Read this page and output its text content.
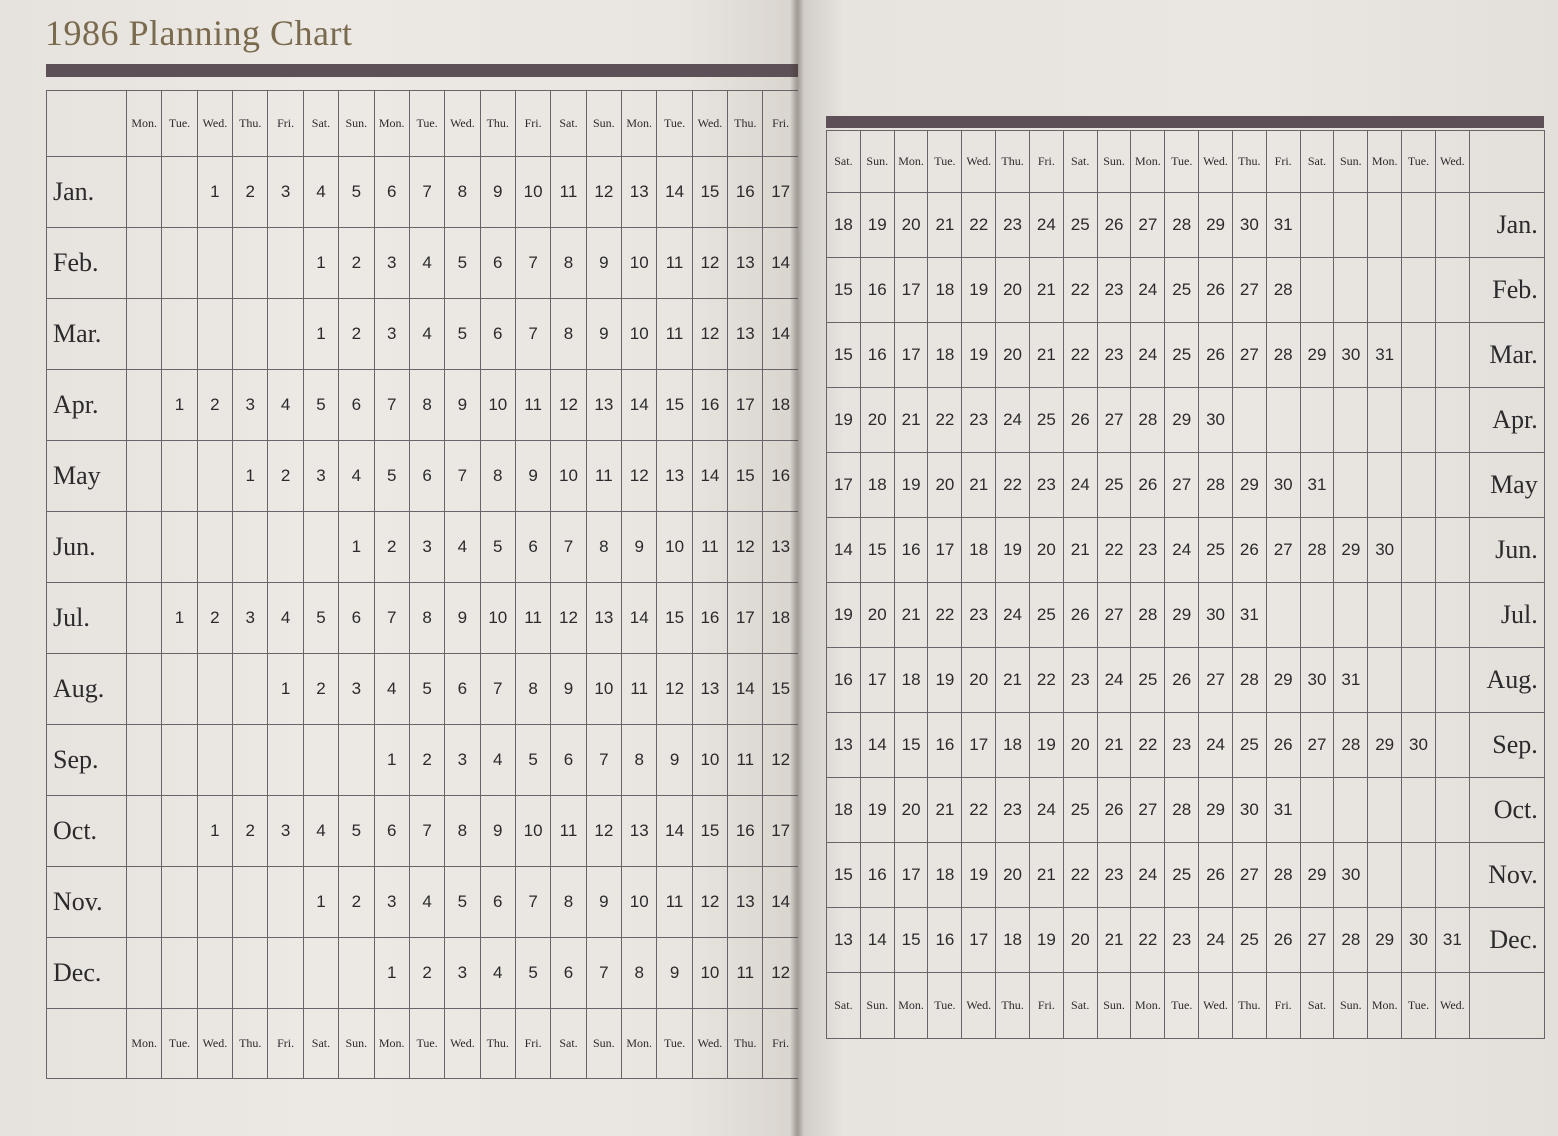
1986 Planning Chart
	Mon.	Tue.	Wed.	Thu.	Fri.	Sat.	Sun.	Mon.	Tue.	Wed.	Thu.	Fri.	Sat.	Sun.	Mon.	Tue.	Wed.	Thu.	Fri.
Jan.			1	2	3	4	5	6	7	8	9	10	11	12	13	14	15	16	17
Feb.						1	2	3	4	5	6	7	8	9	10	11	12	13	14
Mar.						1	2	3	4	5	6	7	8	9	10	11	12	13	14
Apr.		1	2	3	4	5	6	7	8	9	10	11	12	13	14	15	16	17	18
May				1	2	3	4	5	6	7	8	9	10	11	12	13	14	15	16
Jun.							1	2	3	4	5	6	7	8	9	10	11	12	13
Jul.		1	2	3	4	5	6	7	8	9	10	11	12	13	14	15	16	17	18
Aug.					1	2	3	4	5	6	7	8	9	10	11	12	13	14	15
Sep.								1	2	3	4	5	6	7	8	9	10	11	12
Oct.			1	2	3	4	5	6	7	8	9	10	11	12	13	14	15	16	17
Nov.						1	2	3	4	5	6	7	8	9	10	11	12	13	14
Dec.								1	2	3	4	5	6	7	8	9	10	11	12
	Mon.	Tue.	Wed.	Thu.	Fri.	Sat.	Sun.	Mon.	Tue.	Wed.	Thu.	Fri.	Sat.	Sun.	Mon.	Tue.	Wed.	Thu.	Fri.
Sat.	Sun.	Mon.	Tue.	Wed.	Thu.	Fri.	Sat.	Sun.	Mon.	Tue.	Wed.	Thu.	Fri.	Sat.	Sun.	Mon.	Tue.	Wed.	
18	19	20	21	22	23	24	25	26	27	28	29	30	31						Jan.
15	16	17	18	19	20	21	22	23	24	25	26	27	28						Feb.
15	16	17	18	19	20	21	22	23	24	25	26	27	28	29	30	31			Mar.
19	20	21	22	23	24	25	26	27	28	29	30								Apr.
17	18	19	20	21	22	23	24	25	26	27	28	29	30	31					May
14	15	16	17	18	19	20	21	22	23	24	25	26	27	28	29	30			Jun.
19	20	21	22	23	24	25	26	27	28	29	30	31							Jul.
16	17	18	19	20	21	22	23	24	25	26	27	28	29	30	31				Aug.
13	14	15	16	17	18	19	20	21	22	23	24	25	26	27	28	29	30		Sep.
18	19	20	21	22	23	24	25	26	27	28	29	30	31						Oct.
15	16	17	18	19	20	21	22	23	24	25	26	27	28	29	30				Nov.
13	14	15	16	17	18	19	20	21	22	23	24	25	26	27	28	29	30	31	Dec.
Sat.	Sun.	Mon.	Tue.	Wed.	Thu.	Fri.	Sat.	Sun.	Mon.	Tue.	Wed.	Thu.	Fri.	Sat.	Sun.	Mon.	Tue.	Wed.	
